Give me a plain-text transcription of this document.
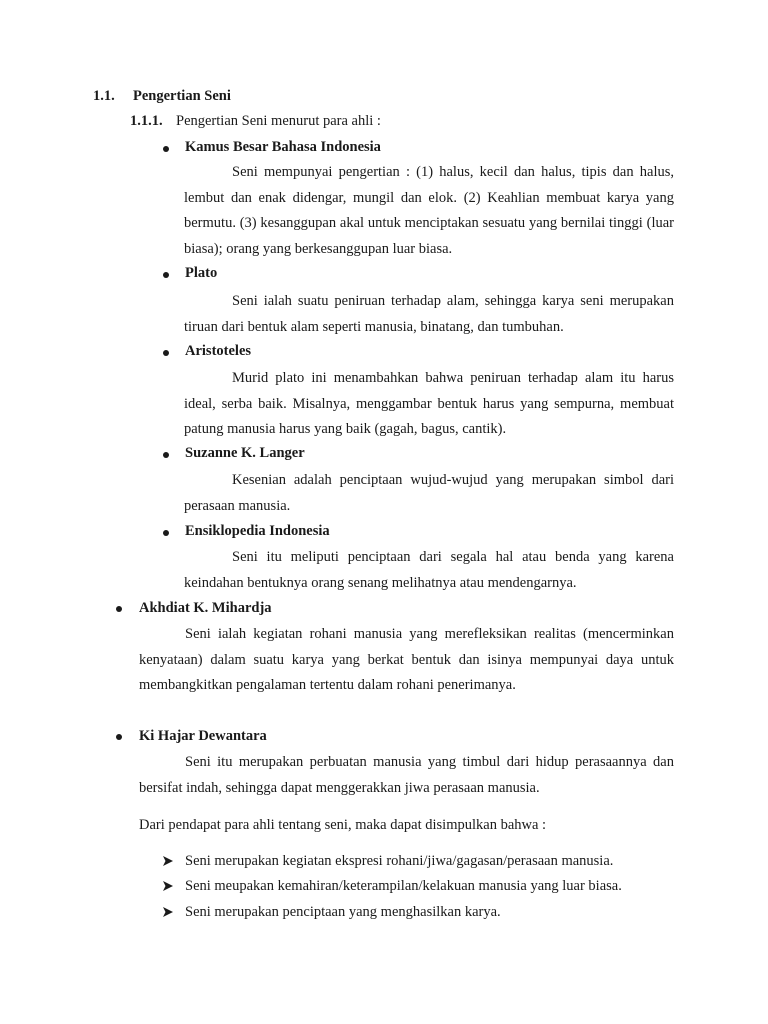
1.1. Pengertian Seni
1.1.1. Pengertian Seni menurut para ahli :
Kamus Besar Bahasa Indonesia
Seni mempunyai pengertian : (1) halus, kecil dan halus, tipis dan halus, lembut dan enak didengar, mungil dan elok. (2) Keahlian membuat karya yang bermutu. (3) kesanggupan akal untuk menciptakan sesuatu yang bernilai tinggi (luar biasa); orang yang berkesanggupan luar biasa.
Plato
Seni ialah suatu peniruan terhadap alam, sehingga karya seni merupakan tiruan dari bentuk alam seperti manusia, binatang, dan tumbuhan.
Aristoteles
Murid plato ini menambahkan bahwa peniruan terhadap alam itu harus ideal, serba baik. Misalnya, menggambar bentuk harus yang sempurna, membuat patung manusia harus yang baik (gagah, bagus, cantik).
Suzanne K. Langer
Kesenian adalah penciptaan wujud-wujud yang merupakan simbol dari perasaan manusia.
Ensiklopedia Indonesia
Seni itu meliputi penciptaan dari segala hal atau benda yang karena keindahan bentuknya orang senang melihatnya atau mendengarnya.
Akhdiat K. Mihardja
Seni ialah kegiatan rohani manusia yang merefleksikan realitas (mencerminkan kenyataan) dalam suatu karya yang berkat bentuk dan isinya mempunyai daya untuk membangkitkan pengalaman tertentu dalam rohani penerimanya.
Ki Hajar Dewantara
Seni itu merupakan perbuatan manusia yang timbul dari hidup perasaannya dan bersifat indah, sehingga dapat menggerakkan jiwa perasaan manusia.
Dari pendapat para ahli tentang seni, maka dapat disimpulkan bahwa :
Seni merupakan kegiatan ekspresi rohani/jiwa/gagasan/perasaan manusia.
Seni meupakan kemahiran/keterampilan/kelakuan manusia yang luar biasa.
Seni merupakan penciptaan yang menghasilkan karya.
